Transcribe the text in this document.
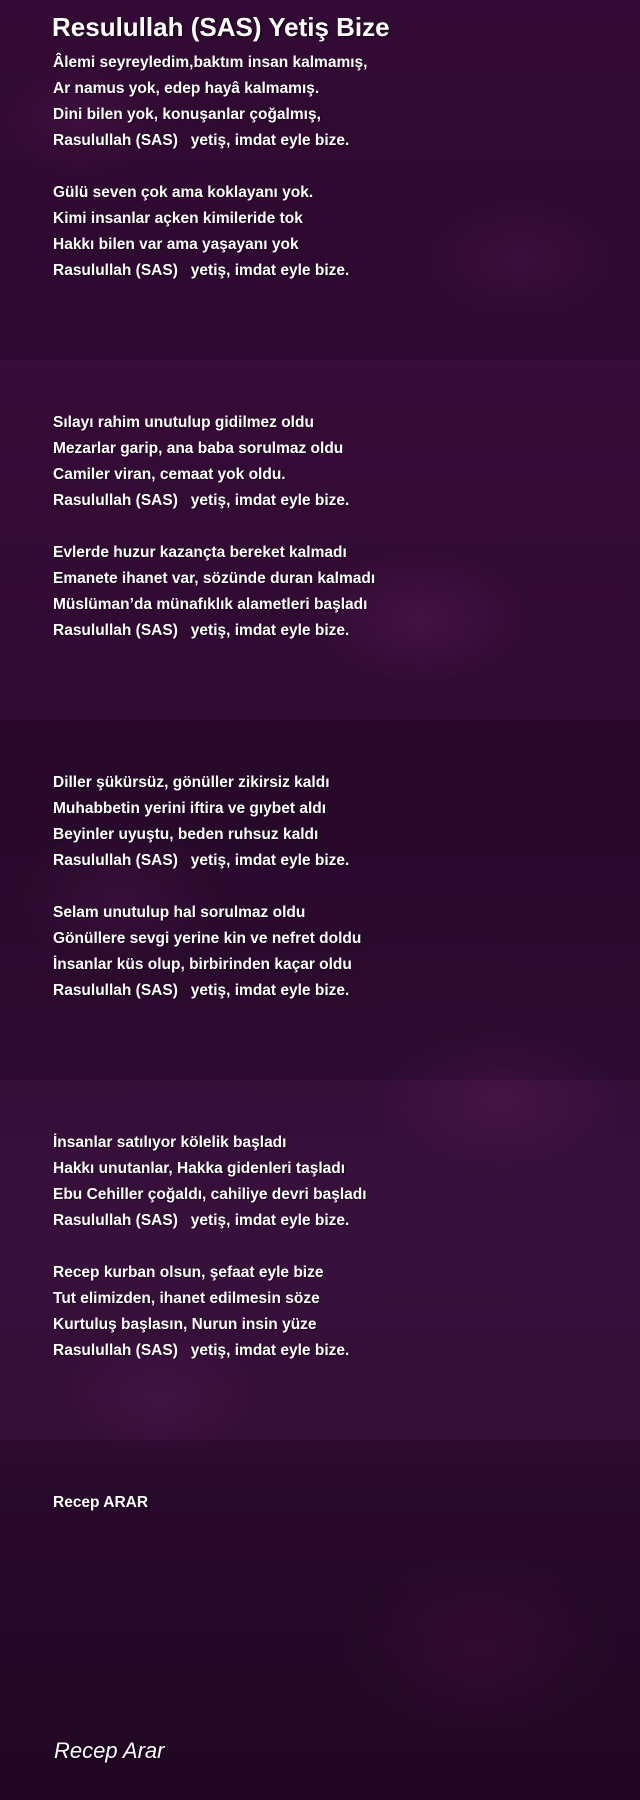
Resulullah (SAS) Yetiş Bize
Âlemi seyreyledim,baktım insan kalmamış,
Ar namus yok, edep hayâ kalmamış.
Dini bilen yok, konuşanlar çoğalmış,
Rasulullah (SAS)   yetiş, imdat eyle bize.
Gülü seven çok ama koklayanı yok.
Kimi insanlar açken kimileride tok
Hakkı bilen var ama yaşayanı yok
Rasulullah (SAS)   yetiş, imdat eyle bize.
Sılayı rahim unutulup gidilmez oldu
Mezarlar garip, ana baba sorulmaz oldu
Camiler viran, cemaat yok oldu.
Rasulullah (SAS)   yetiş, imdat eyle bize.
Evlerde huzur kazançta bereket kalmadı
Emanete ihanet var, sözünde duran kalmadı
Müslüman’da münafıklık alametleri başladı
Rasulullah (SAS)   yetiş, imdat eyle bize.
Diller şükürsüz, gönüller zikirsiz kaldı
Muhabbetin yerini iftira ve gıybet aldı
Beyinler uyuştu, beden ruhsuz kaldı
Rasulullah (SAS)   yetiş, imdat eyle bize.
Selam unutulup hal sorulmaz oldu
Gönüllere sevgi yerine kin ve nefret doldu
İnsanlar küs olup, birbirinden kaçar oldu
Rasulullah (SAS)   yetiş, imdat eyle bize.
İnsanlar satılıyor kölelik başladı
Hakkı unutanlar, Hakka gidenleri taşladı
Ebu Cehiller çoğaldı, cahiliye devri başladı
Rasulullah (SAS)   yetiş, imdat eyle bize.
Recep kurban olsun, şefaat eyle bize
Tut elimizden, ihanet edilmesin söze
Kurtuluş başlasın, Nurun insin yüze
Rasulullah (SAS)   yetiş, imdat eyle bize.
Recep ARAR
Recep Arar
